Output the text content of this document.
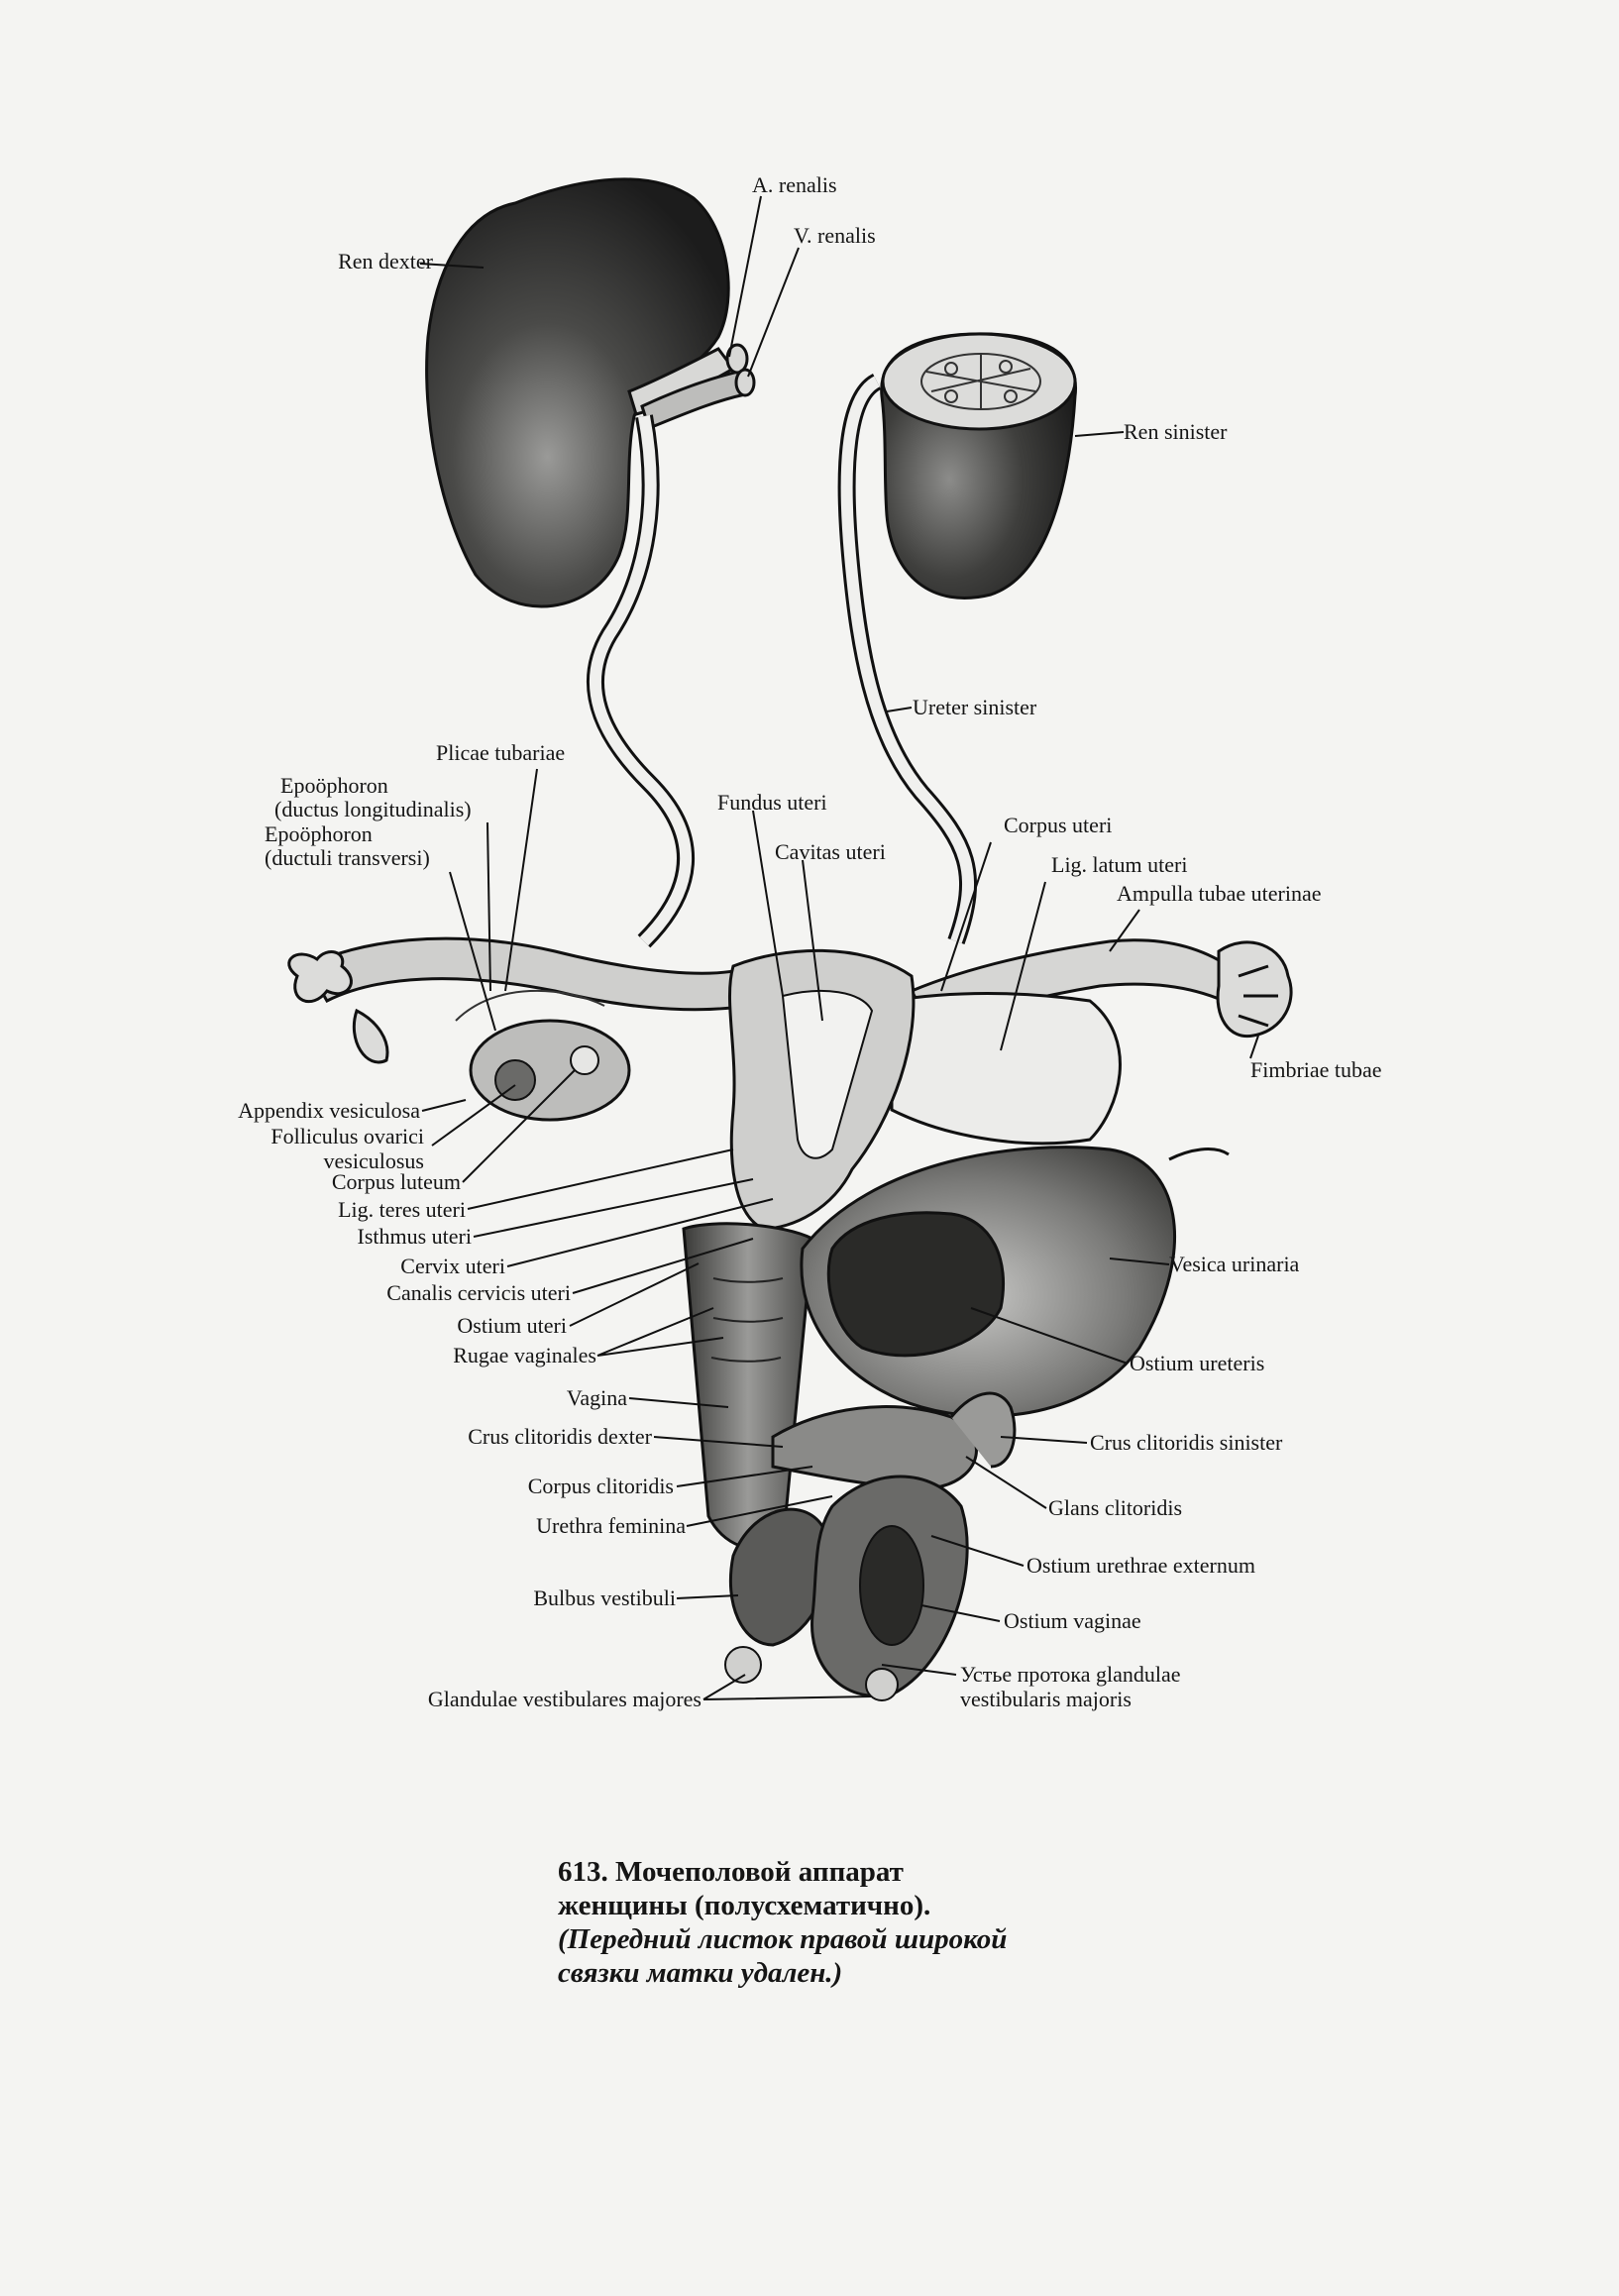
A. renalis
V. renalis
Ren dexter
Ren sinister
Ureter sinister
Plicae tubariae
Epoöphoron
(ductus longitudinalis)
Epoöphoron
(ductuli transversi)
Fundus uteri
Cavitas uteri
Corpus uteri
Lig. latum uteri
Ampulla tubae uterinae
Fimbriae tubae
Appendix vesiculosa
Folliculus ovarici
vesiculosus
Corpus luteum
Lig. teres uteri
Isthmus uteri
Cervix uteri
Canalis cervicis uteri
Ostium uteri
Rugae vaginales
Vagina
Crus clitoridis dexter
Corpus clitoridis
Urethra feminina
Bulbus vestibuli
Glandulae vestibulares majores
Vesica urinaria
Ostium ureteris
Crus clitoridis sinister
Glans clitoridis
Ostium urethrae externum
Ostium vaginae
Устье протока glandulae
vestibularis majoris
613. Мочеполовой аппарат
женщины (полусхематично).
(Передний листок правой широкой
связки матки удален.)
